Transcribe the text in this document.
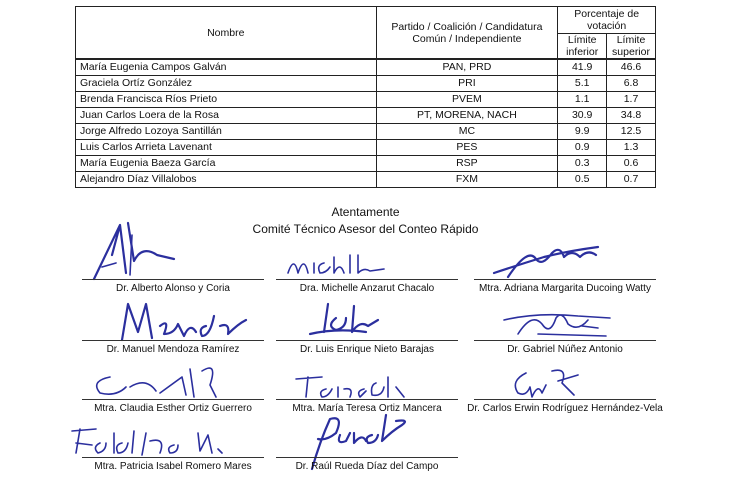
Nombre	Partido / Coalición / Candidatura Común / Independiente	Porcentaje de votación	
		Límite inferior	Límite superior
María Eugenia Campos Galván	PAN, PRD	41.9	46.6
Graciela Ortíz González	PRI	5.1	6.8
Brenda Francisca Ríos Prieto	PVEM	1.1	1.7
Juan Carlos Loera de la Rosa	PT, MORENA, NACH	30.9	34.8
Jorge Alfredo Lozoya Santillán	MC	9.9	12.5
Luis Carlos Arrieta Lavenant	PES	0.9	1.3
María Eugenia Baeza García	RSP	0.3	0.6
Alejandro Díaz Villalobos	FXM	0.5	0.7
Atentamente
Comité Técnico Asesor del Conteo Rápido
Dr. Alberto Alonso y Coria	Dra. Michelle Anzarut Chacalo	Mtra. Adriana Margarita Ducoing Watty
Dr. Manuel Mendoza Ramírez	Dr. Luis Enrique Nieto Barajas	Dr. Gabriel Núñez Antonio
Mtra. Claudia Esther Ortiz Guerrero	Mtra. María Teresa Ortiz Mancera	Dr. Carlos Erwin Rodríguez Hernández-Vela
Mtra. Patricia Isabel Romero Mares	Dr. Raúl Rueda Díaz del Campo
